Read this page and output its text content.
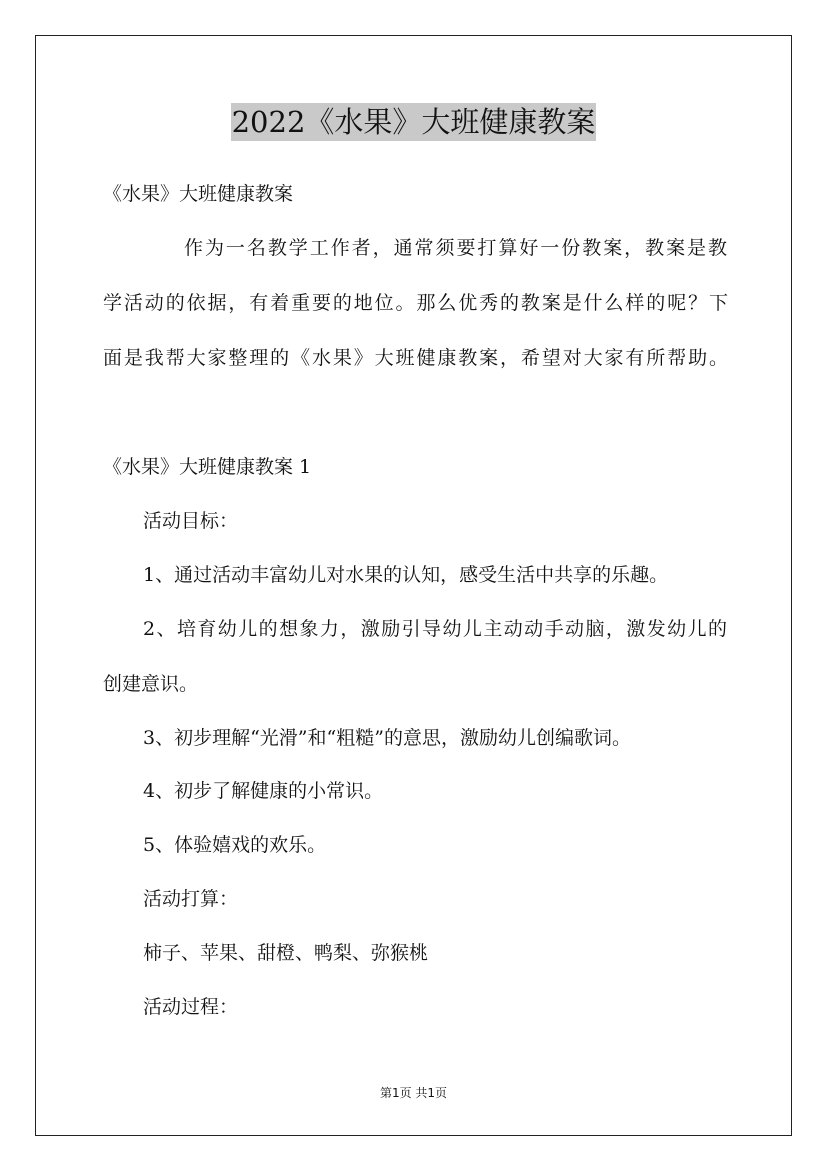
2022《水果》大班健康教案
《水果》大班健康教案
作为一名教学工作者，通常须要打算好一份教案，教案是教
学活动的依据，有着重要的地位。那么优秀的教案是什么样的呢？下
面是我帮大家整理的《水果》大班健康教案，希望对大家有所帮助。
《水果》大班健康教案 1
活动目标：
1、通过活动丰富幼儿对水果的认知，感受生活中共享的乐趣。
2、培育幼儿的想象力，激励引导幼儿主动动手动脑，激发幼儿的
创建意识。
3、初步理解“光滑”和“粗糙”的意思，激励幼儿创编歌词。
4、初步了解健康的小常识。
5、体验嬉戏的欢乐。
活动打算：
柿子、苹果、甜橙、鸭梨、弥猴桃
活动过程：
第1页 共1页
